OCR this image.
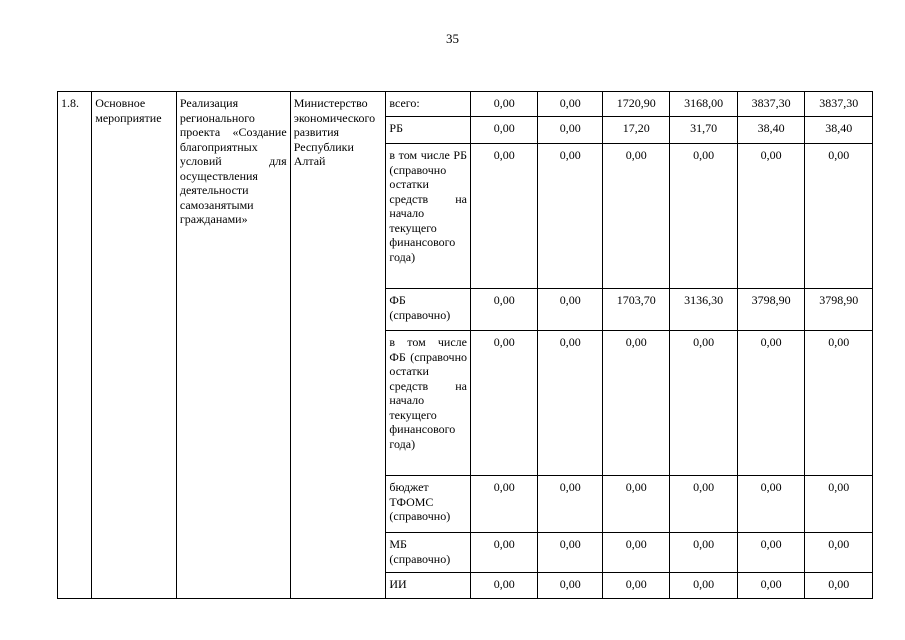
35
1.8.	Основное мероприятие	Реализация регионального проекта «Создание благоприятных условий для осуществления деятельности самозанятыми гражданами»	Министерство экономического развития Республики Алтай	всего:	0,00	0,00	1720,90	3168,00	3837,30	3837,30
				РБ	0,00	0,00	17,20	31,70	38,40	38,40
				в том числе РБ (справочно остатки средств на начало текущего финансового года)	0,00	0,00	0,00	0,00	0,00	0,00
				ФБ (справочно)	0,00	0,00	1703,70	3136,30	3798,90	3798,90
				в том числе ФБ (справочно остатки средств на начало текущего финансового года)	0,00	0,00	0,00	0,00	0,00	0,00
				бюджет ТФОМС (справочно)	0,00	0,00	0,00	0,00	0,00	0,00
				МБ (справочно)	0,00	0,00	0,00	0,00	0,00	0,00
				ИИ	0,00	0,00	0,00	0,00	0,00	0,00
